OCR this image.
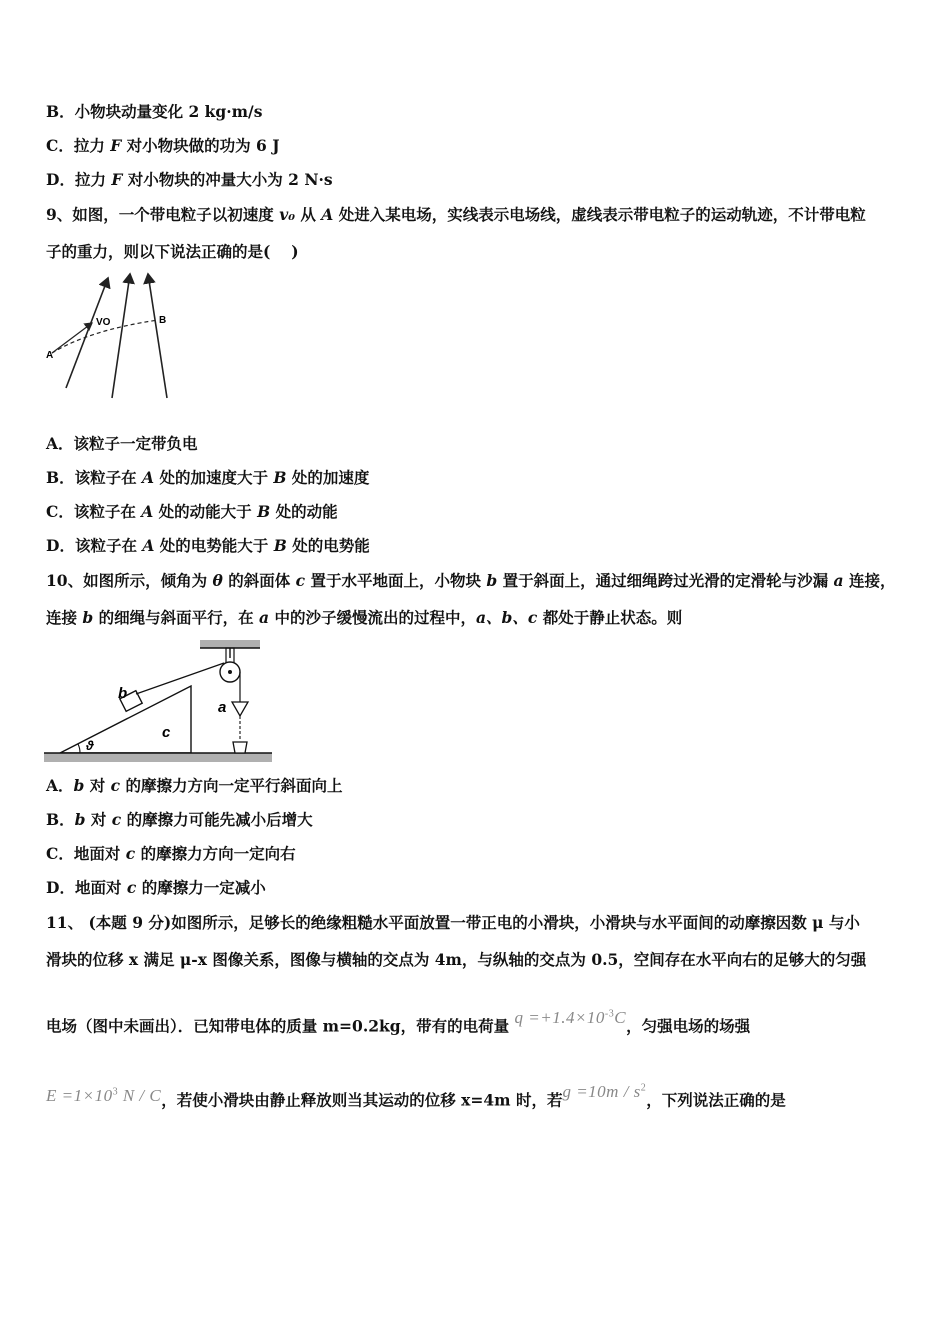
B．小物块动量变化 2 kg·m/s
C．拉力 F 对小物块做的功为 6 J
D．拉力 F 对小物块的冲量大小为 2 N·s
9、如图，一个带电粒子以初速度 v₀ 从 A 处进入某电场，实线表示电场线，虚线表示带电粒子的运动轨迹，不计带电粒
子的重力，则以下说法正确的是(　 )
A
VO	B
A．该粒子一定带负电
B．该粒子在 A 处的加速度大于 B 处的加速度
C．该粒子在 A 处的动能大于 B 处的动能
D．该粒子在 A 处的电势能大于 B 处的电势能
10、如图所示，倾角为 θ 的斜面体 c 置于水平地面上，小物块 b 置于斜面上，通过细绳跨过光滑的定滑轮与沙漏 a 连接，
连接 b 的细绳与斜面平行，在 a 中的沙子缓慢流出的过程中，a、b、c 都处于静止状态。则
ϑ
b
c
a
A．b 对 c 的摩擦力方向一定平行斜面向上
B．b 对 c 的摩擦力可能先减小后增大
C．地面对 c 的摩擦力方向一定向右
D．地面对 c 的摩擦力一定减小
11、 (本题 9 分)如图所示，足够长的绝缘粗糙水平面放置一带正电的小滑块，小滑块与水平面间的动摩擦因数 μ 与小
滑块的位移 x 满足 μ-x 图像关系，图像与横轴的交点为 4m，与纵轴的交点为 0.5，空间存在水平向右的足够大的匀强
电场（图中未画出）．已知带电体的质量 m=0.2kg，带有的电荷量 $q =+1.4\times 10^{-3}C$，匀强电场的场强
$E =1\times 10^3$ N / C，若使小滑块由静止释放则当其运动的位移 x=4m 时，若$g =10m / s^2$，下列说法正确的是
